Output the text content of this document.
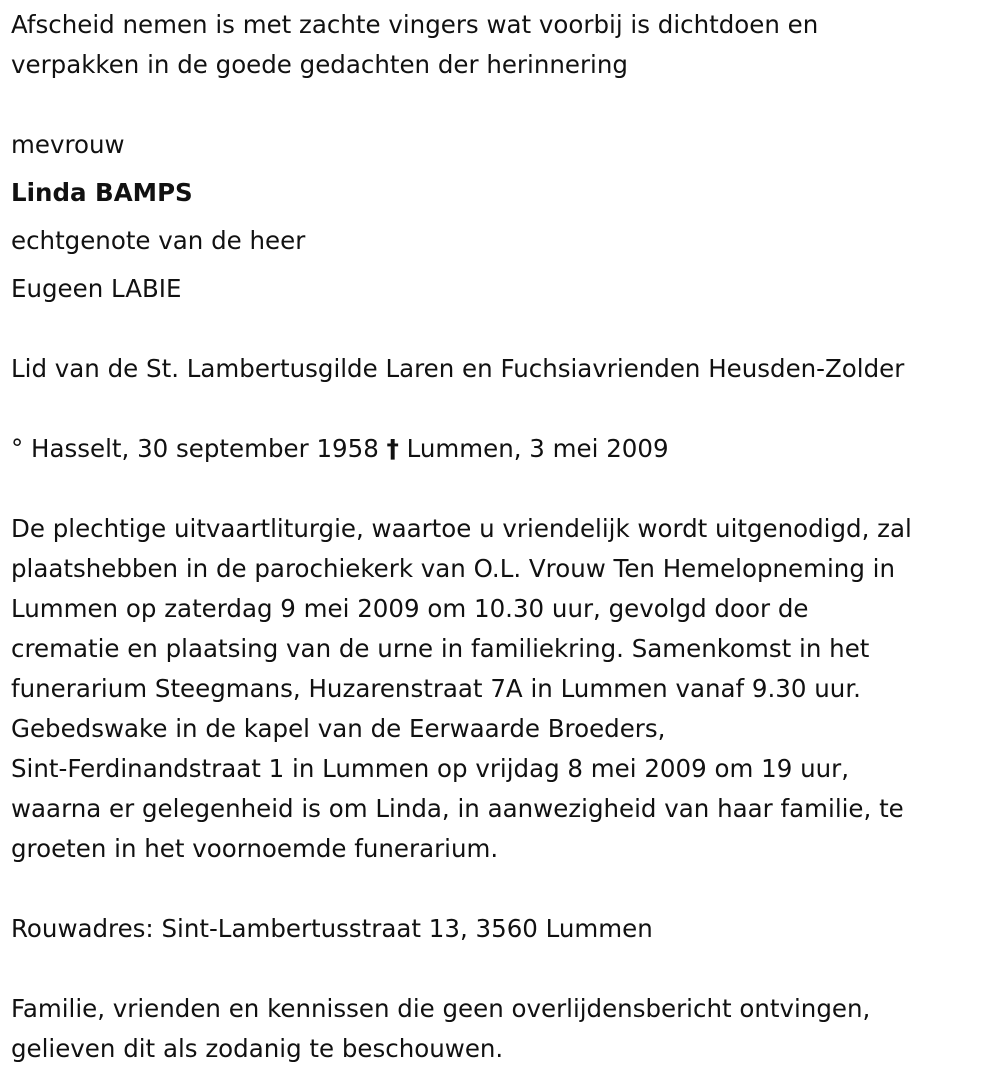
Afscheid nemen is met zachte vingers wat voorbij is dichtdoen en
verpakken in de goede gedachten der herinnering
mevrouw
Linda BAMPS
echtgenote van de heer
Eugeen LABIE
Lid van de St. Lambertusgilde Laren en Fuchsiavrienden Heusden-Zolder
° Hasselt, 30 september 1958 † Lummen, 3 mei 2009
De plechtige uitvaartliturgie, waartoe u vriendelijk wordt uitgenodigd, zal
plaatshebben in de parochiekerk van O.L. Vrouw Ten Hemelopneming in
Lummen op zaterdag 9 mei 2009 om 10.30 uur, gevolgd door de
crematie en plaatsing van de urne in familiekring. Samenkomst in het
funerarium Steegmans, Huzarenstraat 7A in Lummen vanaf 9.30 uur.
Gebedswake in de kapel van de Eerwaarde Broeders,
Sint-Ferdinandstraat 1 in Lummen op vrijdag 8 mei 2009 om 19 uur,
waarna er gelegenheid is om Linda, in aanwezigheid van haar familie, te
groeten in het voornoemde funerarium.
Rouwadres: Sint-Lambertusstraat 13, 3560 Lummen
Familie, vrienden en kennissen die geen overlijdensbericht ontvingen,
gelieven dit als zodanig te beschouwen.
